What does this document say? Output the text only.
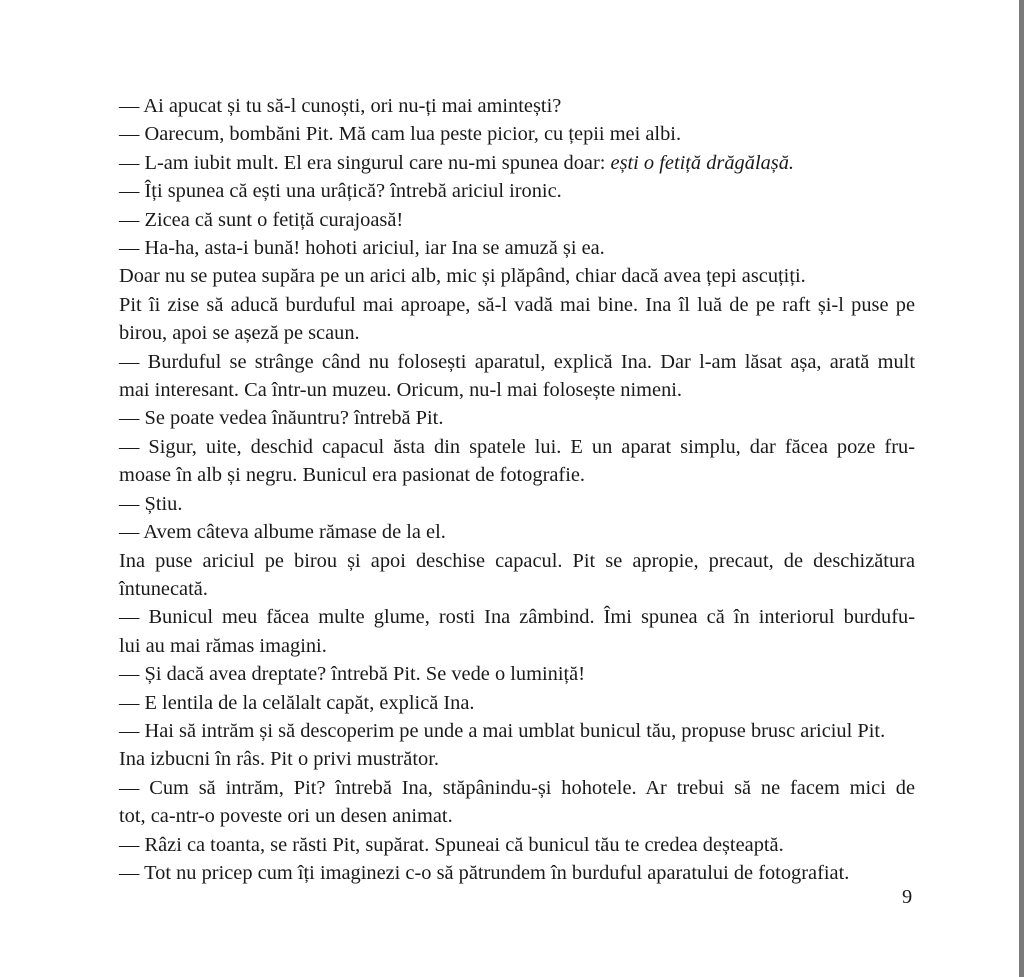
— Ai apucat și tu să-l cunoști, ori nu-ți mai amintești?
— Oarecum, bombăni Pit. Mă cam lua peste picior, cu țepii mei albi.
— L-am iubit mult. El era singurul care nu-mi spunea doar: ești o fetiță drăgălașă.
— Îți spunea că ești una urâțică? întrebă ariciul ironic.
— Zicea că sunt o fetiță curajoasă!
— Ha-ha, asta-i bună! hohoti ariciul, iar Ina se amuză și ea.
Doar nu se putea supăra pe un arici alb, mic și plăpând, chiar dacă avea țepi ascuțiți.
Pit îi zise să aducă burduful mai aproape, să-l vadă mai bine. Ina îl luă de pe raft și-l puse pe
birou, apoi se așeză pe scaun.
— Burduful se strânge când nu folosești aparatul, explică Ina. Dar l-am lăsat așa, arată mult
mai interesant. Ca într-un muzeu. Oricum, nu-l mai folosește nimeni.
— Se poate vedea înăuntru? întrebă Pit.
— Sigur, uite, deschid capacul ăsta din spatele lui. E un aparat simplu, dar făcea poze fru-
moase în alb și negru. Bunicul era pasionat de fotografie.
— Știu.
— Avem câteva albume rămase de la el.
Ina puse ariciul pe birou și apoi deschise capacul. Pit se apropie, precaut, de deschizătura
întunecată.
— Bunicul meu făcea multe glume, rosti Ina zâmbind. Îmi spunea că în interiorul burdufu-
lui au mai rămas imagini.
— Și dacă avea dreptate? întrebă Pit. Se vede o luminiță!
— E lentila de la celălalt capăt, explică Ina.
— Hai să intrăm și să descoperim pe unde a mai umblat bunicul tău, propuse brusc ariciul Pit.
Ina izbucni în râs. Pit o privi mustrător.
— Cum să intrăm, Pit? întrebă Ina, stăpânindu-și hohotele. Ar trebui să ne facem mici de
tot, ca-ntr-o poveste ori un desen animat.
— Râzi ca toanta, se răsti Pit, supărat. Spuneai că bunicul tău te credea deșteaptă.
— Tot nu pricep cum îți imaginezi c-o să pătrundem în burduful aparatului de fotografiat.
9
